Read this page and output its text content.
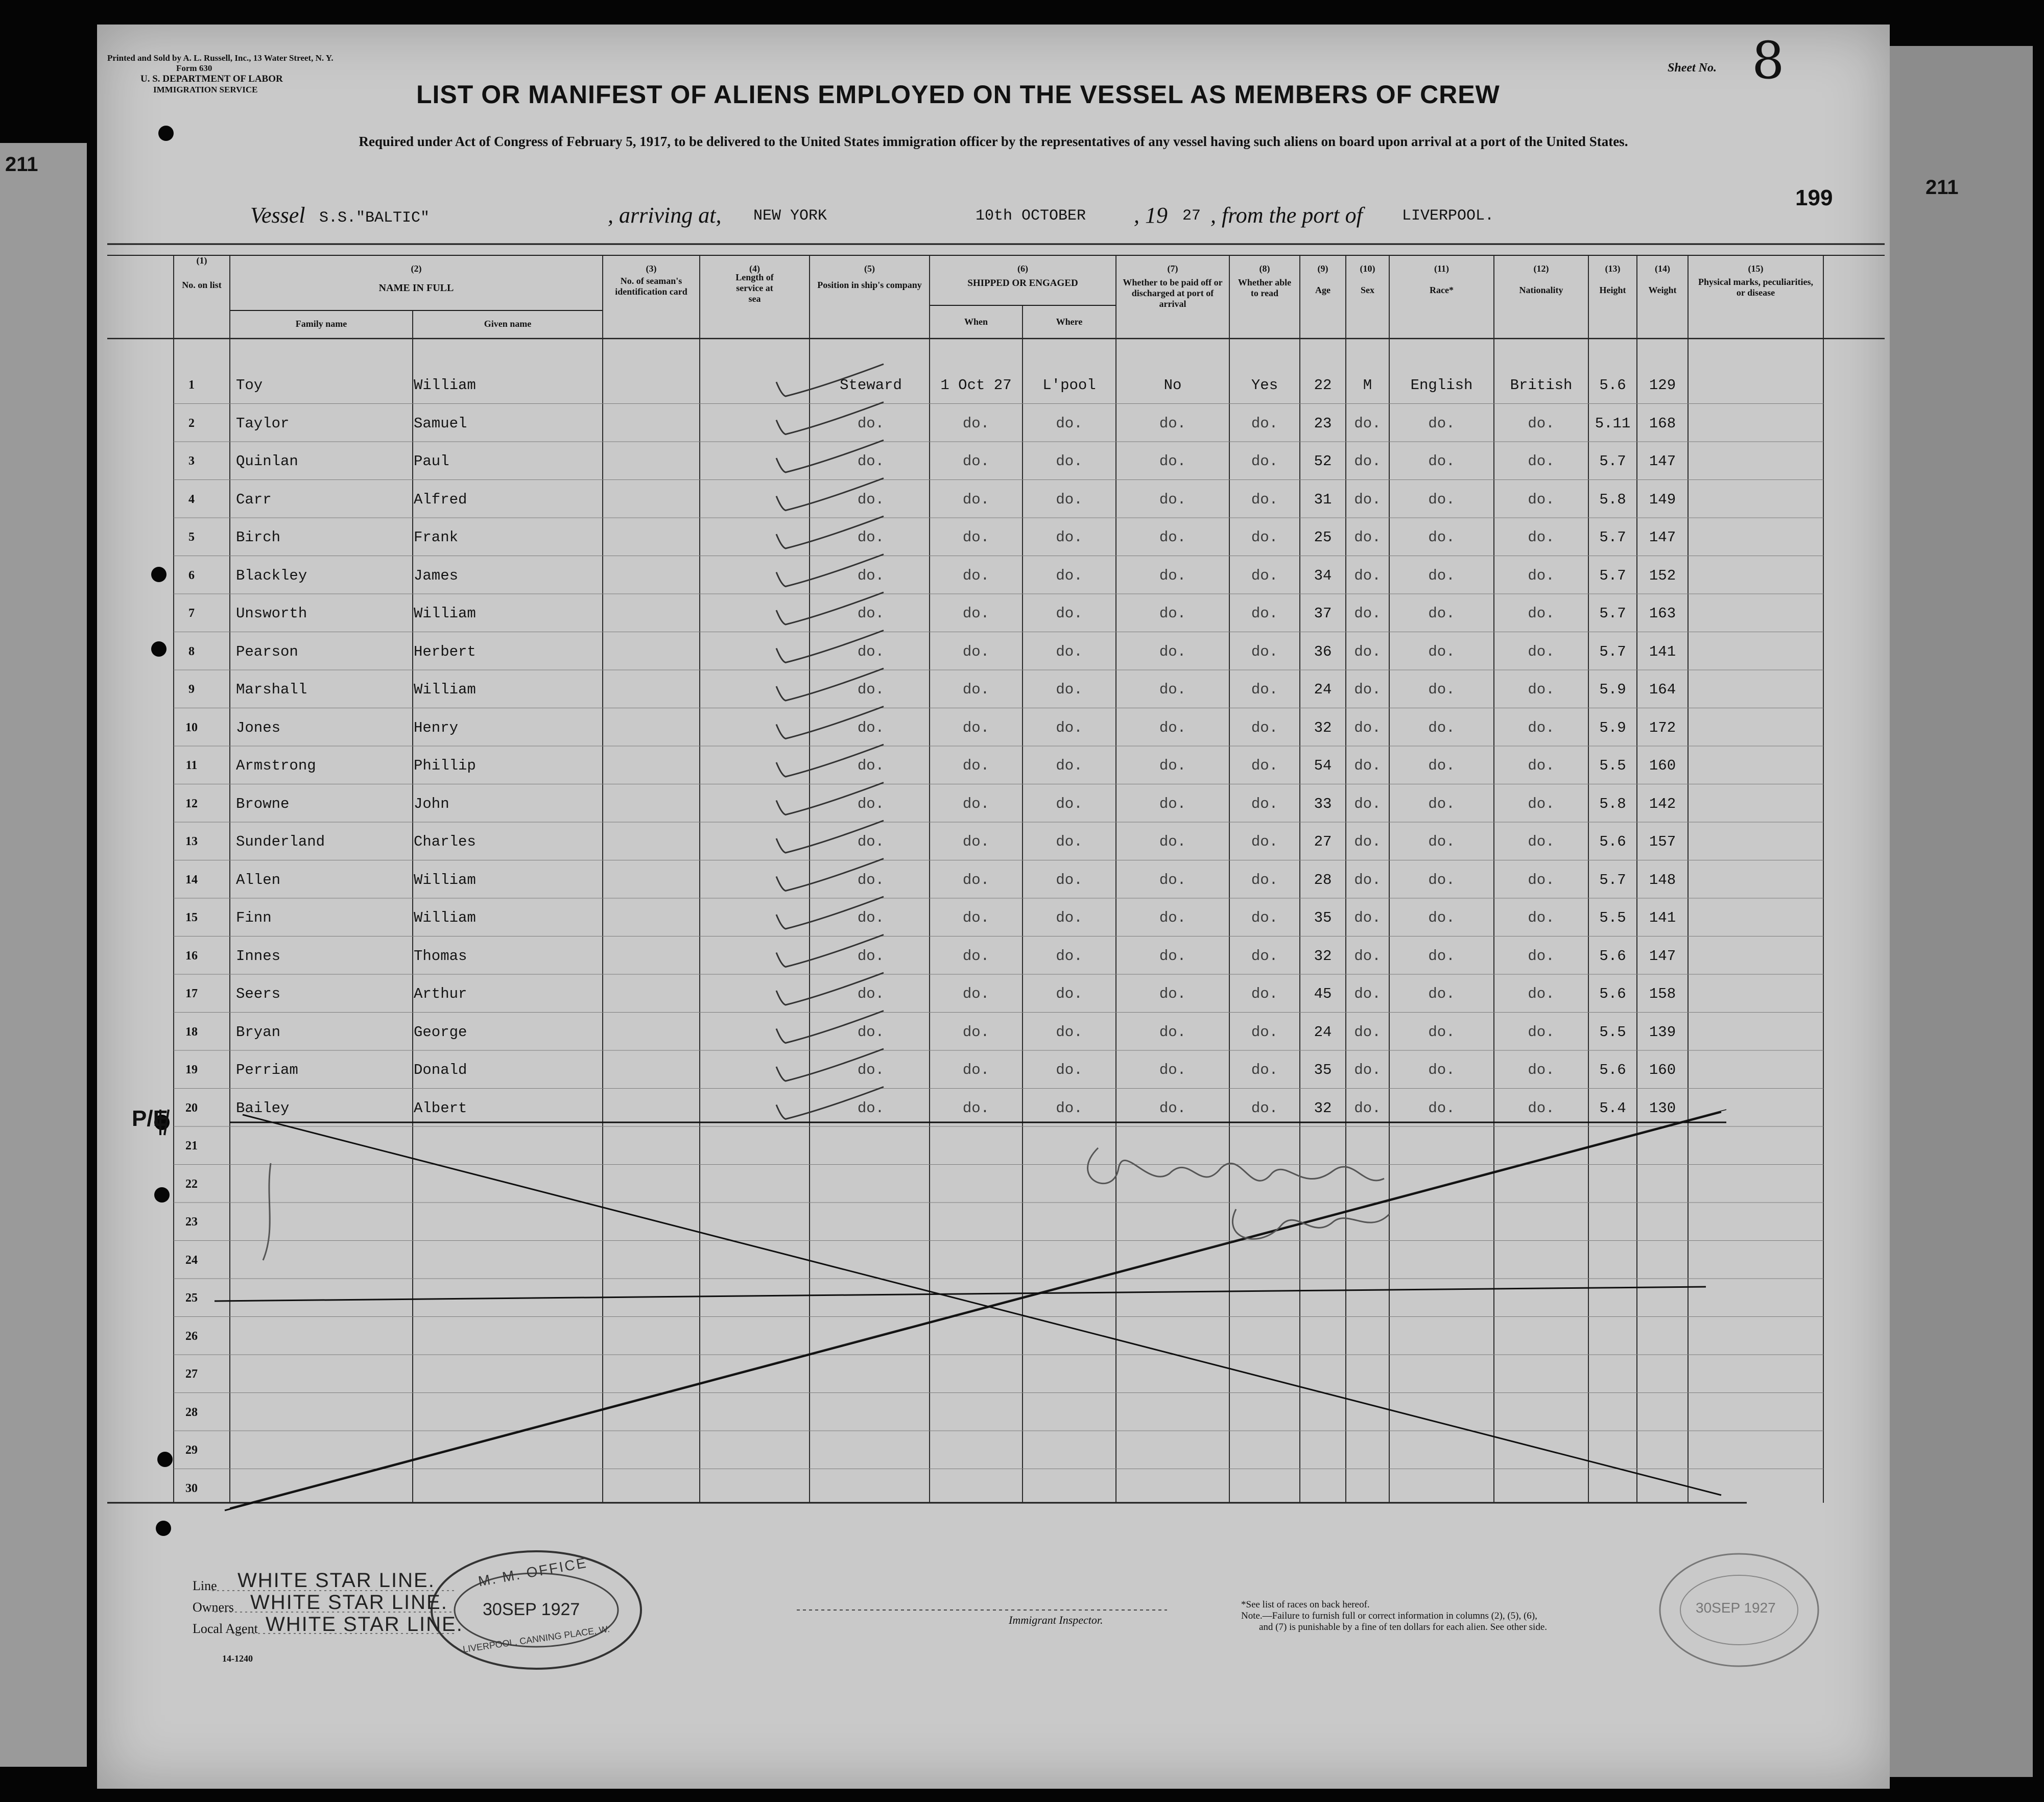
211
211
Printed and Sold by A. L. Russell, Inc., 13 Water Street, N. Y.
Form 630
U. S. DEPARTMENT OF LABOR
IMMIGRATION SERVICE
Sheet No. 8
LIST OR MANIFEST OF ALIENS EMPLOYED ON THE VESSEL AS MEMBERS OF CREW
Required under Act of Congress of February 5, 1917, to be delivered to the United States immigration officer by the representatives of any vessel having such aliens on board upon arrival at a port of the United States.
199
Vessel S.S."BALTIC"	, arriving at, NEW YORK	10th OCTOBER , 19 27 , from the port of	LIVERPOOL.
(1)
No. on list
(2)
NAME IN FULL
Family name	Given name
(3)
No. of seaman's identification card
(4)
Length of service at sea
(5)
Position in ship's company
(6)
SHIPPED OR ENGAGED
When	Where
(7)
Whether to be paid off or discharged at port of arrival
(8)
Whether able to read
(9)
Age
(10)
Sex
(11)
Race*
(12)
Nationality
(13)
Height
(14)
Weight
(15)
Physical marks, peculiarities, or disease
1	Toy	William	Steward	1 Oct 27	L'pool	No	Yes	22	M	English	British	5.6	129
2	Taylor	Samuel	do.	do.	do.	do.	do.	23	do.	do.	do.	5.11	168
3	Quinlan	Paul	do.	do.	do.	do.	do.	52	do.	do.	do.	5.7	147
4	Carr	Alfred	do.	do.	do.	do.	do.	31	do.	do.	do.	5.8	149
5	Birch	Frank	do.	do.	do.	do.	do.	25	do.	do.	do.	5.7	147
6	Blackley	James	do.	do.	do.	do.	do.	34	do.	do.	do.	5.7	152
7	Unsworth	William	do.	do.	do.	do.	do.	37	do.	do.	do.	5.7	163
8	Pearson	Herbert	do.	do.	do.	do.	do.	36	do.	do.	do.	5.7	141
9	Marshall	William	do.	do.	do.	do.	do.	24	do.	do.	do.	5.9	164
10	Jones	Henry	do.	do.	do.	do.	do.	32	do.	do.	do.	5.9	172
11	Armstrong	Phillip	do.	do.	do.	do.	do.	54	do.	do.	do.	5.5	160
12	Browne	John	do.	do.	do.	do.	do.	33	do.	do.	do.	5.8	142
13	Sunderland	Charles	do.	do.	do.	do.	do.	27	do.	do.	do.	5.6	157
14	Allen	William	do.	do.	do.	do.	do.	28	do.	do.	do.	5.7	148
15	Finn	William	do.	do.	do.	do.	do.	35	do.	do.	do.	5.5	141
16	Innes	Thomas	do.	do.	do.	do.	do.	32	do.	do.	do.	5.6	147
17	Seers	Arthur	do.	do.	do.	do.	do.	45	do.	do.	do.	5.6	158
18	Bryan	George	do.	do.	do.	do.	do.	24	do.	do.	do.	5.5	139
19	Perriam	Donald	do.	do.	do.	do.	do.	35	do.	do.	do.	5.6	160
20	Bailey	Albert	do.	do.	do.	do.	do.	32	do.	do.	do.	5.4	130
21
22
23
24
25
26
27
28
29
30
P/E
Line
Owners
Local Agent
WHITE STAR LINE.
WHITE STAR LINE.
WHITE STAR LINE.
14-1240
M. M. OFFICE
30SEP 1927
LIVERPOOL, CANNING PLACE, W.
30SEP 1927
Immigrant Inspector.
*See list of races on back hereof.
Note.—Failure to furnish full or correct information in columns (2), (5), (6),
and (7) is punishable by a fine of ten dollars for each alien. See other side.
